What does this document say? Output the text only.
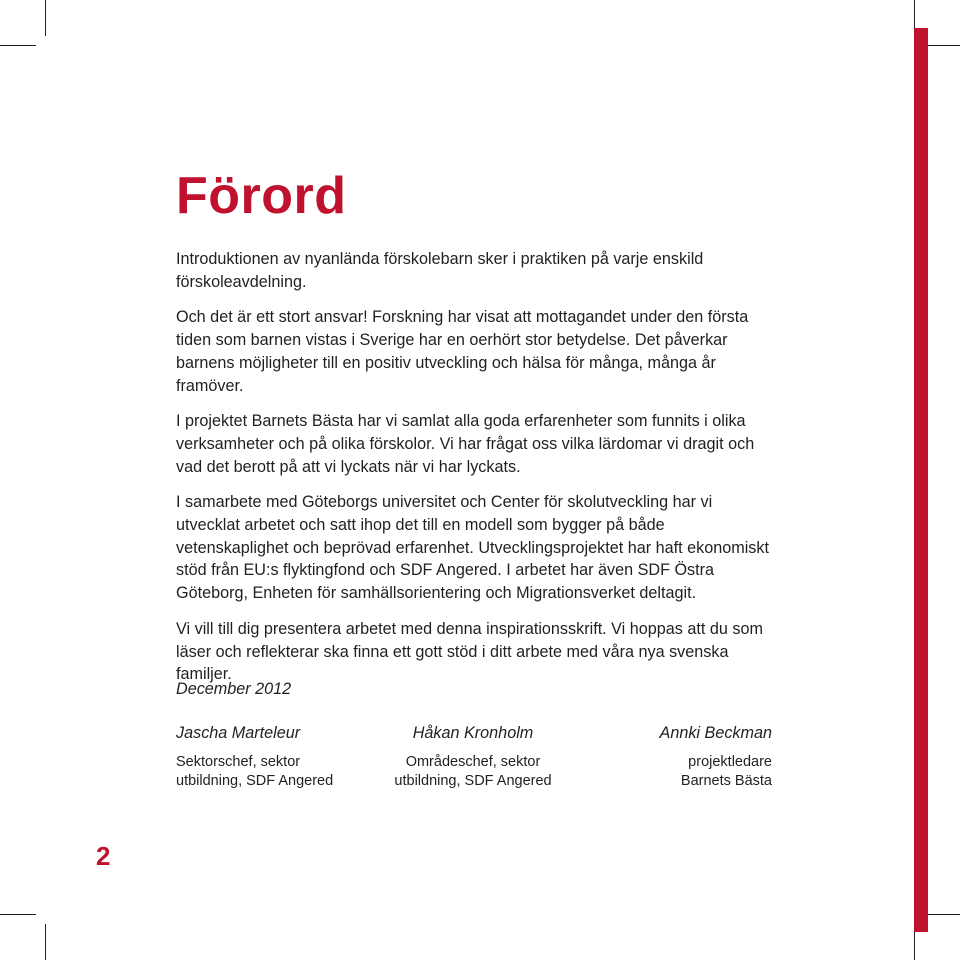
Förord

Introduktionen av nyanlända förskolebarn sker i praktiken på varje enskild förskoleavdelning.

Och det är ett stort ansvar! Forskning har visat att mottagandet under den första tiden som barnen vistas i Sverige har en oerhört stor betydelse. Det påverkar barnens möjligheter till en positiv utveckling och hälsa för många, många år framöver.

I projektet Barnets Bästa har vi samlat alla goda erfarenheter som funnits i olika verksamheter och på olika förskolor. Vi har frågat oss vilka lärdomar vi dragit och vad det berott på att vi lyckats när vi har lyckats.

I samarbete med Göteborgs universitet och Center för skolutveckling har vi utvecklat arbetet och satt ihop det till en modell som bygger på både vetenskaplighet och beprövad erfarenhet. Utvecklingsprojektet har haft ekonomiskt stöd från EU:s flyktingfond och SDF Angered. I arbetet har även SDF Östra Göteborg, Enheten för samhällsorientering och Migrationsverket deltagit.

Vi vill till dig presentera arbetet med denna inspirationsskrift. Vi hoppas att du som läser och reflekterar ska finna ett gott stöd i ditt arbete med våra nya svenska familjer.

December 2012

Jascha Marteleur
Sektorschef, sektor
utbildning, SDF Angered
Håkan Kronholm
Områdeschef, sektor
utbildning, SDF Angered
Annki Beckman
projektledare
Barnets Bästa

2
